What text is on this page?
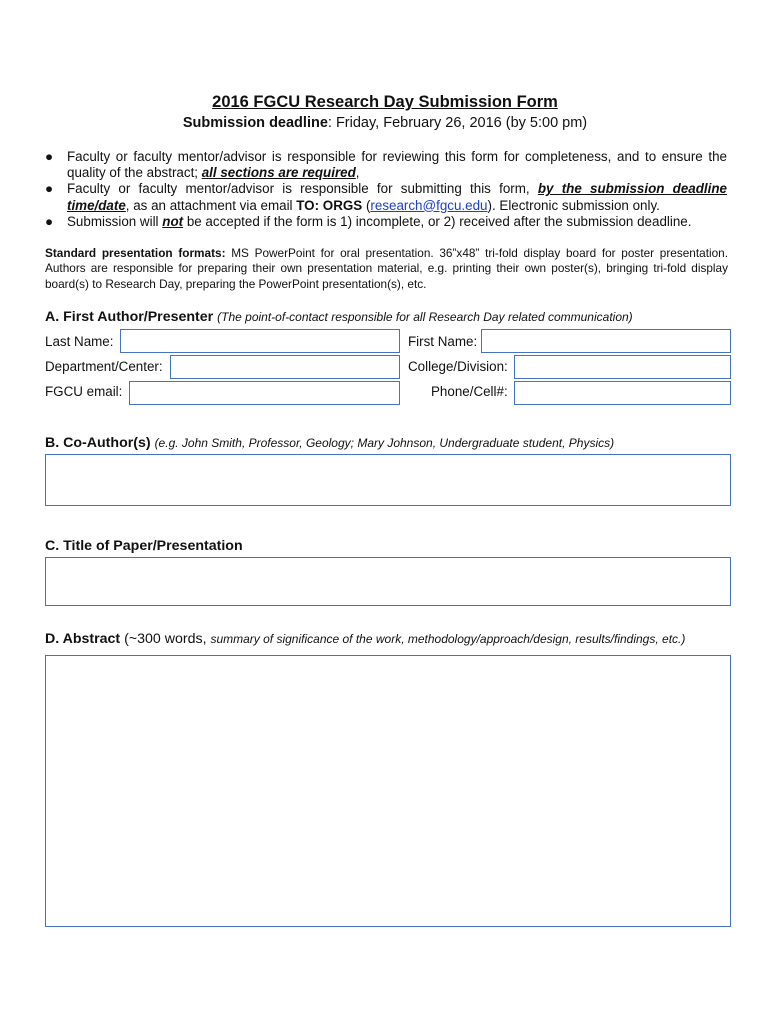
2016 FGCU Research Day Submission Form
Submission deadline: Friday, February 26, 2016 (by 5:00 pm)
● Faculty or faculty mentor/advisor is responsible for reviewing this form for completeness, and to ensure the quality of the abstract; all sections are required,
● Faculty or faculty mentor/advisor is responsible for submitting this form, by the submission deadline time/date, as an attachment via email TO: ORGS (research@fgcu.edu). Electronic submission only.
● Submission will not be accepted if the form is 1) incomplete, or 2) received after the submission deadline.
Standard presentation formats: MS PowerPoint for oral presentation. 36”x48” tri-fold display board for poster presentation. Authors are responsible for preparing their own presentation material, e.g. printing their own poster(s), bringing tri-fold display board(s) to Research Day, preparing the PowerPoint presentation(s), etc.
A. First Author/Presenter (The point-of-contact responsible for all Research Day related communication)
Last Name:	First Name:
Department/Center:	College/Division:
FGCU email:	Phone/Cell#:
B. Co-Author(s) (e.g. John Smith, Professor, Geology; Mary Johnson, Undergraduate student, Physics)
C. Title of Paper/Presentation
D. Abstract (~300 words, summary of significance of the work, methodology/approach/design, results/findings, etc.)
